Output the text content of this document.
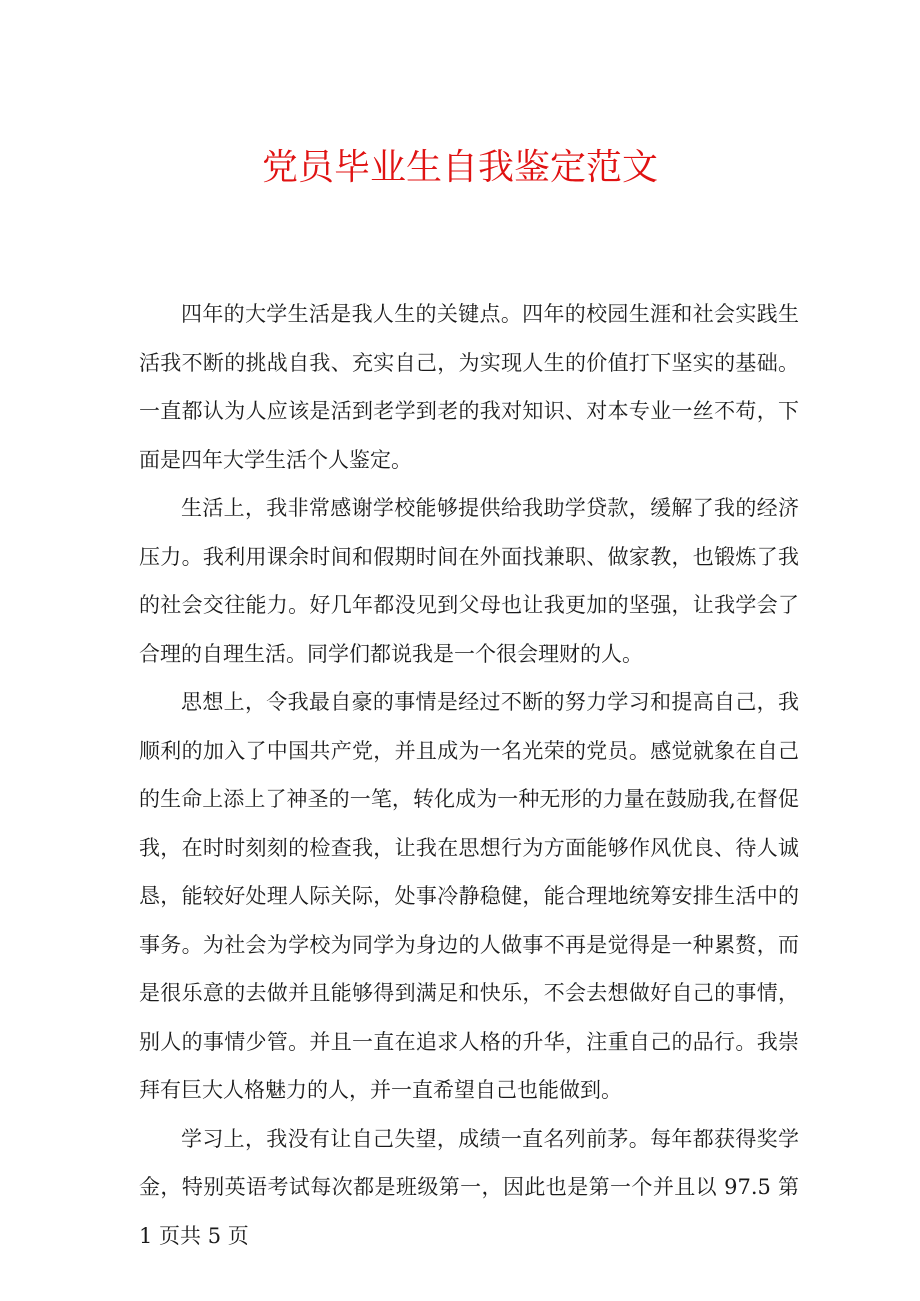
党员毕业生自我鉴定范文

四年的大学生活是我人生的关键点。四年的校园生涯和社会实践生活我不断的挑战自我、充实自己，为实现人生的价值打下坚实的基础。一直都认为人应该是活到老学到老的我对知识、对本专业一丝不苟，下面是四年大学生活个人鉴定。

生活上，我非常感谢学校能够提供给我助学贷款，缓解了我的经济压力。我利用课余时间和假期时间在外面找兼职、做家教，也锻炼了我的社会交往能力。好几年都没见到父母也让我更加的坚强，让我学会了合理的自理生活。同学们都说我是一个很会理财的人。

思想上，令我最自豪的事情是经过不断的努力学习和提高自己，我顺利的加入了中国共产党，并且成为一名光荣的党员。感觉就象在自己的生命上添上了神圣的一笔，转化成为一种无形的力量在鼓励我,在督促我，在时时刻刻的检查我，让我在思想行为方面能够作风优良、待人诚恳，能较好处理人际关际，处事冷静稳健，能合理地统筹安排生活中的事务。为社会为学校为同学为身边的人做事不再是觉得是一种累赘，而是很乐意的去做并且能够得到满足和快乐，不会去想做好自己的事情，别人的事情少管。并且一直在追求人格的升华，注重自己的品行。我崇拜有巨大人格魅力的人，并一直希望自己也能做到。

学习上，我没有让自己失望，成绩一直名列前茅。每年都获得奖学金，特别英语考试每次都是班级第一，因此也是第一个并且以 97.5 第 1 页共 5 页
